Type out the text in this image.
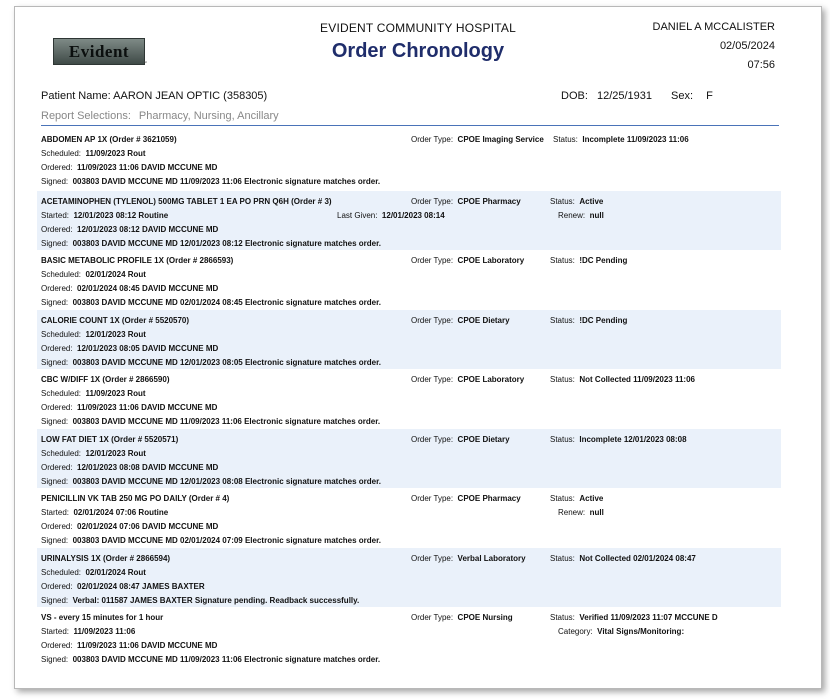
Evident
™
EVIDENT COMMUNITY HOSPITAL
Order Chronology
DANIEL A MCCALISTER
02/05/2024
07:56
Patient Name: AARON JEAN OPTIC (358305)	DOB: 12/25/1931 Sex: F
Report Selections: Pharmacy, Nursing, Ancillary
ABDOMEN AP 1X (Order # 3621059)	Order Type: CPOE Imaging Service Status: Incomplete 11/09/2023 11:06
Scheduled: 11/09/2023 Rout
Ordered: 11/09/2023 11:06 DAVID MCCUNE MD
Signed: 003803 DAVID MCCUNE MD 11/09/2023 11:06 Electronic signature matches order.
ACETAMINOPHEN (TYLENOL) 500MG TABLET 1 EA PO PRN Q6H (Order # 3)	Order Type: CPOE Pharmacy	Status: Active
Started: 12/01/2023 08:12 Routine	Last Given: 12/01/2023 08:14	Renew: null
Ordered: 12/01/2023 08:12 DAVID MCCUNE MD
Signed: 003803 DAVID MCCUNE MD 12/01/2023 08:12 Electronic signature matches order.
BASIC METABOLIC PROFILE 1X (Order # 2866593)	Order Type: CPOE Laboratory	Status: !DC Pending
Scheduled: 02/01/2024 Rout
Ordered: 02/01/2024 08:45 DAVID MCCUNE MD
Signed: 003803 DAVID MCCUNE MD 02/01/2024 08:45 Electronic signature matches order.
CALORIE COUNT 1X (Order # 5520570)	Order Type: CPOE Dietary	Status: !DC Pending
Scheduled: 12/01/2023 Rout
Ordered: 12/01/2023 08:05 DAVID MCCUNE MD
Signed: 003803 DAVID MCCUNE MD 12/01/2023 08:05 Electronic signature matches order.
CBC W/DIFF 1X (Order # 2866590)	Order Type: CPOE Laboratory	Status: Not Collected 11/09/2023 11:06
Scheduled: 11/09/2023 Rout
Ordered: 11/09/2023 11:06 DAVID MCCUNE MD
Signed: 003803 DAVID MCCUNE MD 11/09/2023 11:06 Electronic signature matches order.
LOW FAT DIET 1X (Order # 5520571)	Order Type: CPOE Dietary	Status: Incomplete 12/01/2023 08:08
Scheduled: 12/01/2023 Rout
Ordered: 12/01/2023 08:08 DAVID MCCUNE MD
Signed: 003803 DAVID MCCUNE MD 12/01/2023 08:08 Electronic signature matches order.
PENICILLIN VK TAB 250 MG PO DAILY (Order # 4)	Order Type: CPOE Pharmacy	Status: Active
Started: 02/01/2024 07:06 Routine	Renew: null
Ordered: 02/01/2024 07:06 DAVID MCCUNE MD
Signed: 003803 DAVID MCCUNE MD 02/01/2024 07:09 Electronic signature matches order.
URINALYSIS 1X (Order # 2866594)	Order Type: Verbal Laboratory	Status: Not Collected 02/01/2024 08:47
Scheduled: 02/01/2024 Rout
Ordered: 02/01/2024 08:47 JAMES BAXTER
Signed: Verbal: 011587 JAMES BAXTER Signature pending. Readback successfully.
VS - every 15 minutes for 1 hour	Order Type: CPOE Nursing	Status: Verified 11/09/2023 11:07 MCCUNE D
Started: 11/09/2023 11:06	Category: Vital Signs/Monitoring:
Ordered: 11/09/2023 11:06 DAVID MCCUNE MD
Signed: 003803 DAVID MCCUNE MD 11/09/2023 11:06 Electronic signature matches order.
